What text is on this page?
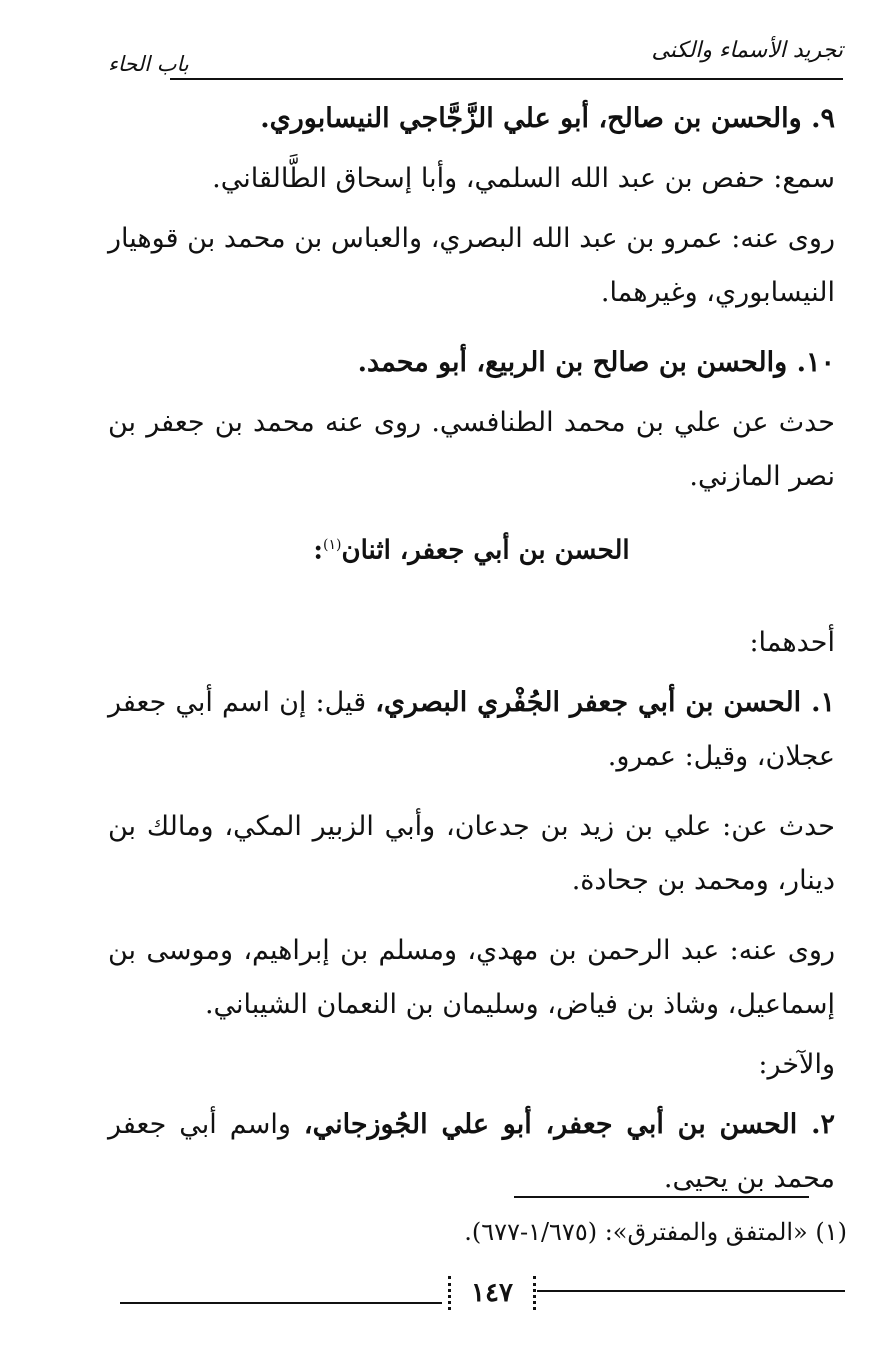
تجريد الأسماء والكنى
باب الحاء

٩. والحسن بن صالح، أبو علي الزَّجَّاجي النيسابوري.

سمع: حفص بن عبد الله السلمي، وأبا إسحاق الطَّالقاني.

روى عنه: عمرو بن عبد الله البصري، والعباس بن محمد بن قوهيار النيسابوري، وغيرهما.

١٠. والحسن بن صالح بن الربيع، أبو محمد.

حدث عن علي بن محمد الطنافسي. روى عنه محمد بن جعفر بن نصر المازني.

الحسن بن أبي جعفر، اثنان$^{(١)}$:

أحدهما:

١. الحسن بن أبي جعفر الجُفْري البصري، قيل: إن اسم أبي جعفر عجلان، وقيل: عمرو.

حدث عن: علي بن زيد بن جدعان، وأبي الزبير المكي، ومالك بن دينار، ومحمد بن جحادة.

روى عنه: عبد الرحمن بن مهدي، ومسلم بن إبراهيم، وموسى بن إسماعيل، وشاذ بن فياض، وسليمان بن النعمان الشيباني.

والآخر:

٢. الحسن بن أبي جعفر، أبو علي الجُوزجاني، واسم أبي جعفر محمد بن يحيى.

(١) «المتفق والمفترق»: (١/٦٧٥-٦٧٧).
١٤٧
